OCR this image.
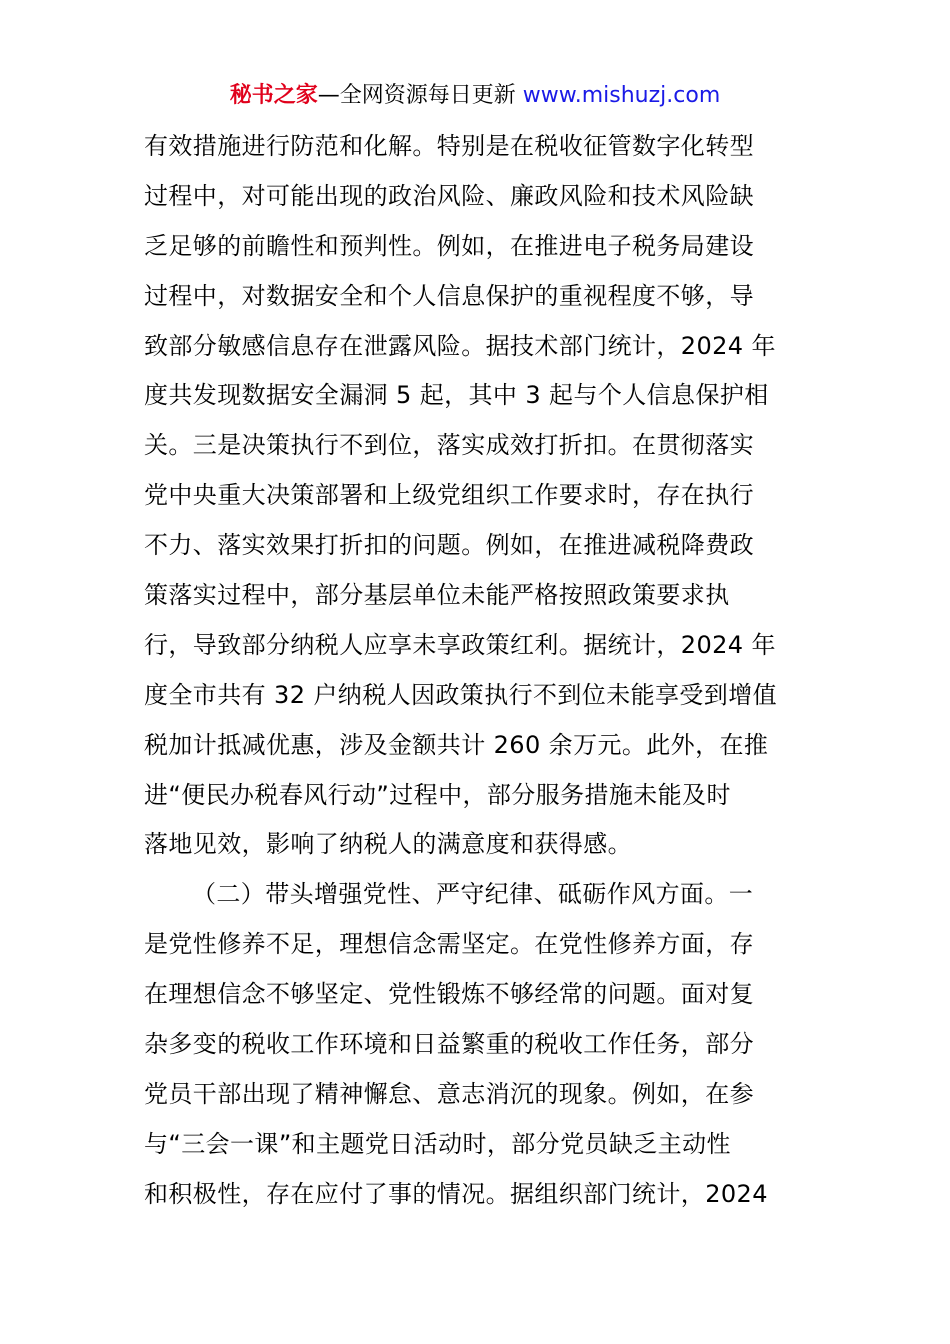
秘书之家—全网资源每日更新 www.mishuzj.com
有效措施进行防范和化解。特别是在税收征管数字化转型
过程中，对可能出现的政治风险、廉政风险和技术风险缺
乏足够的前瞻性和预判性。例如，在推进电子税务局建设
过程中，对数据安全和个人信息保护的重视程度不够，导
致部分敏感信息存在泄露风险。据技术部门统计，2024 年
度共发现数据安全漏洞 5 起，其中 3 起与个人信息保护相
关。三是决策执行不到位，落实成效打折扣。在贯彻落实
党中央重大决策部署和上级党组织工作要求时，存在执行
不力、落实效果打折扣的问题。例如，在推进减税降费政
策落实过程中，部分基层单位未能严格按照政策要求执
行，导致部分纳税人应享未享政策红利。据统计，2024 年
度全市共有 32 户纳税人因政策执行不到位未能享受到增值
税加计抵减优惠，涉及金额共计 260 余万元。此外，在推
进“便民办税春风行动”过程中，部分服务措施未能及时
落地见效，影响了纳税人的满意度和获得感。
（二）带头增强党性、严守纪律、砥砺作风方面。一
是党性修养不足，理想信念需坚定。在党性修养方面，存
在理想信念不够坚定、党性锻炼不够经常的问题。面对复
杂多变的税收工作环境和日益繁重的税收工作任务，部分
党员干部出现了精神懈怠、意志消沉的现象。例如，在参
与“三会一课”和主题党日活动时，部分党员缺乏主动性
和积极性，存在应付了事的情况。据组织部门统计，2024
